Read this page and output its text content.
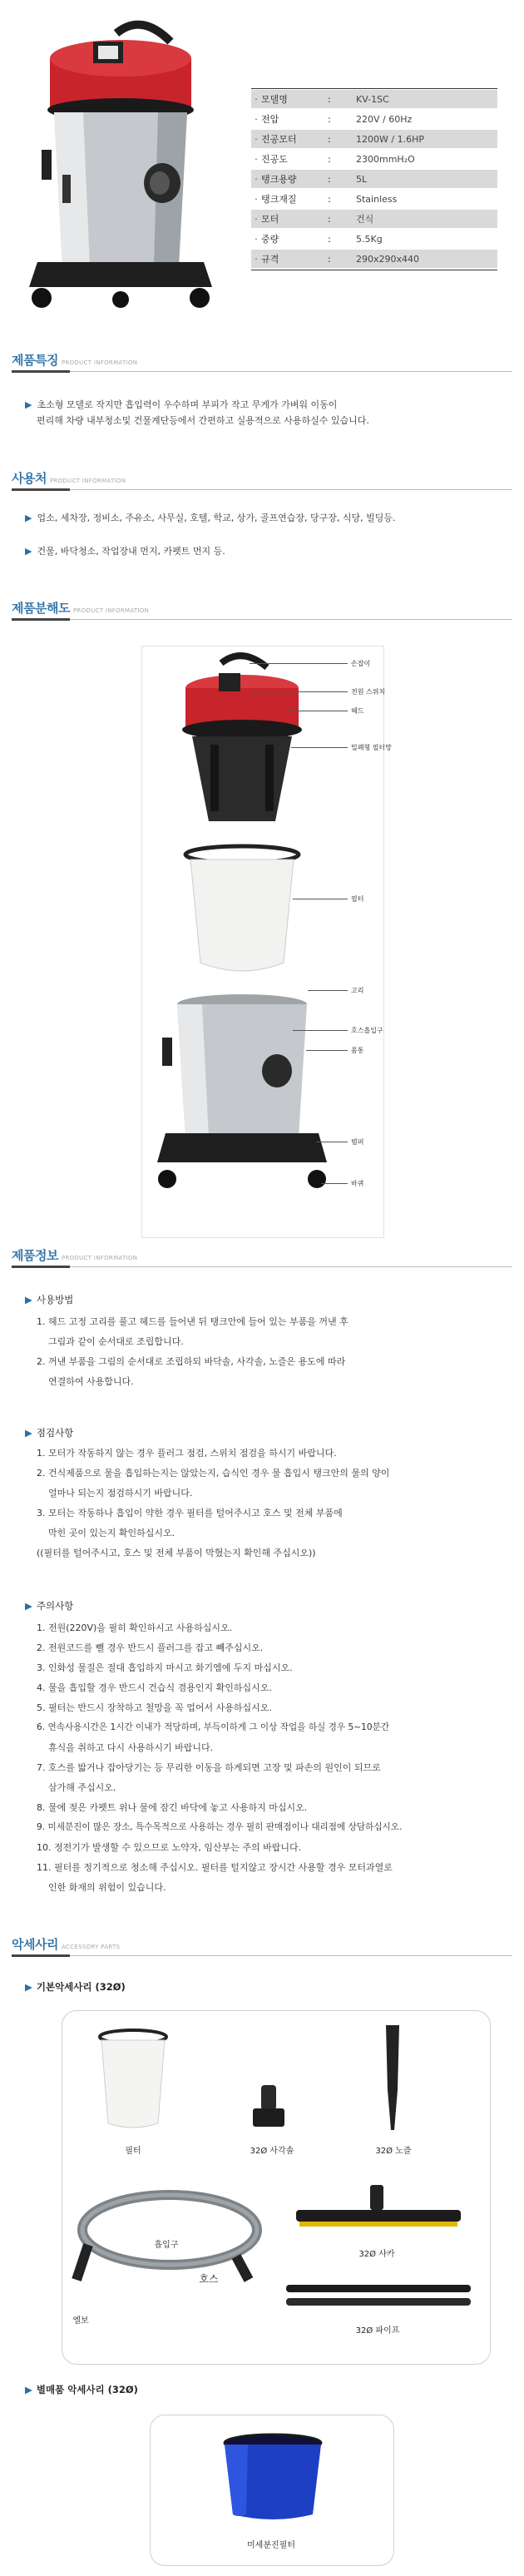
· 모델명	:	KV-1SC
· 전압	:	220V / 60Hz
· 진공모터	:	1200W / 1.6HP
· 진공도	:	2300mmH₂O
· 탱크용량	:	5L
· 탱크재질	:	Stainless
· 모터	:	건식
· 중량	:	5.5Kg
· 규격	:	290x290x440
제품특징 PRODUCT INFORMATION
▶ 초소형 모델로 작지만 흡입력이 우수하며 부피가 작고 무게가 가벼워 이동이
편리해 차량 내부청소및 건물계단등에서 간편하고 실용적으로 사용하실수 있습니다.
사용처 PRODUCT INFORMATION
▶ 업소, 세차장, 정비소, 주유소, 사무실, 호텔, 학교, 상가, 골프연습장, 당구장, 식당, 빌딩등.
▶ 건물, 바닥청소, 작업장내 먼지, 카펫트 먼지 등.
제품분해도 PRODUCT INFORMATION
손잡이
전원 스위치
헤드
밀폐형 필터망
필터
고리
호스흡입구
몸통
범퍼
바퀴
제품정보 PRODUCT INFORMATION
▶ 사용방법
1. 헤드 고정 고리를 풀고 헤드를 들어낸 뒤 탱크안에 들어 있는 부품을 꺼낸 후
그림과 같이 순서대로 조립합니다.
2. 꺼낸 부품을 그림의 순서대로 조립하되 바닥솔, 사각솔, 노즐은 용도에 따라
연결하여 사용합니다.
▶ 점검사항
1. 모터가 작동하지 않는 경우 플러그 점검, 스위치 점검을 하시기 바랍니다.
2. 건식제품으로 물을 흡입하는지는 않았는지, 습식인 경우 물 흡입시 탱크안의 물의 양이
얼마나 되는지 점검하시기 바랍니다.
3. 모터는 작동하나 흡입이 약한 경우 필터를 털어주시고 호스 및 전체 부품에
막힌 곳이 있는지 확인하십시오.
((필터를 털어주시고, 호스 및 전체 부품이 막혔는지 확인해 주십시오))
▶ 주의사항
1. 전원(220V)을 필히 확인하시고 사용하십시오.
2. 전원코드를 뺄 경우 반드시 플러그를 잡고 빼주십시오.
3. 인화성 물질은 절대 흡입하지 마시고 화기엠에 두지 마십시오.
4. 물을 흡입할 경우 반드시 건습식 겸용인지 확인하십시오.
5. 필터는 반드시 장착하고 철망을 꼭 업어서 사용하십시오.
6. 연속사용시간은 1시간 이내가 적당하며, 부득이하게 그 이상 작업을 하실 경우 5~10분간
휴식을 취하고 다시 사용하시기 바랍니다.
7. 호스를 밟거나 잡아당기는 등 무리한 이동을 하게되면 고장 및 파손의 원인이 되므로
삼가해 주십시오.
8. 물에 젖은 카펫트 위나 물에 잠긴 바닥에 놓고 사용하지 마십시오.
9. 미세분진이 많은 장소, 특수목적으로 사용하는 경우 필히 판매점이나 대리점에 상담하십시오.
10. 정전기가 발생할 수 있으므로 노약자, 임산부는 주의 바랍니다.
11. 필터를 정기적으로 청소해 주십시오. 필터를 털지않고 장시간 사용할 경우 모터과열로
인한 화재의 위험이 있습니다.
악세사리 ACCESSORY PARTS
▶ 기본악세사리 (32Ø)
필터	32Ø 사각솔	32Ø 노즐
흡입구
호스
엘보
32Ø 샤카
32Ø 파이프
▶ 별매품 악세사리 (32Ø)
미세분진필터
